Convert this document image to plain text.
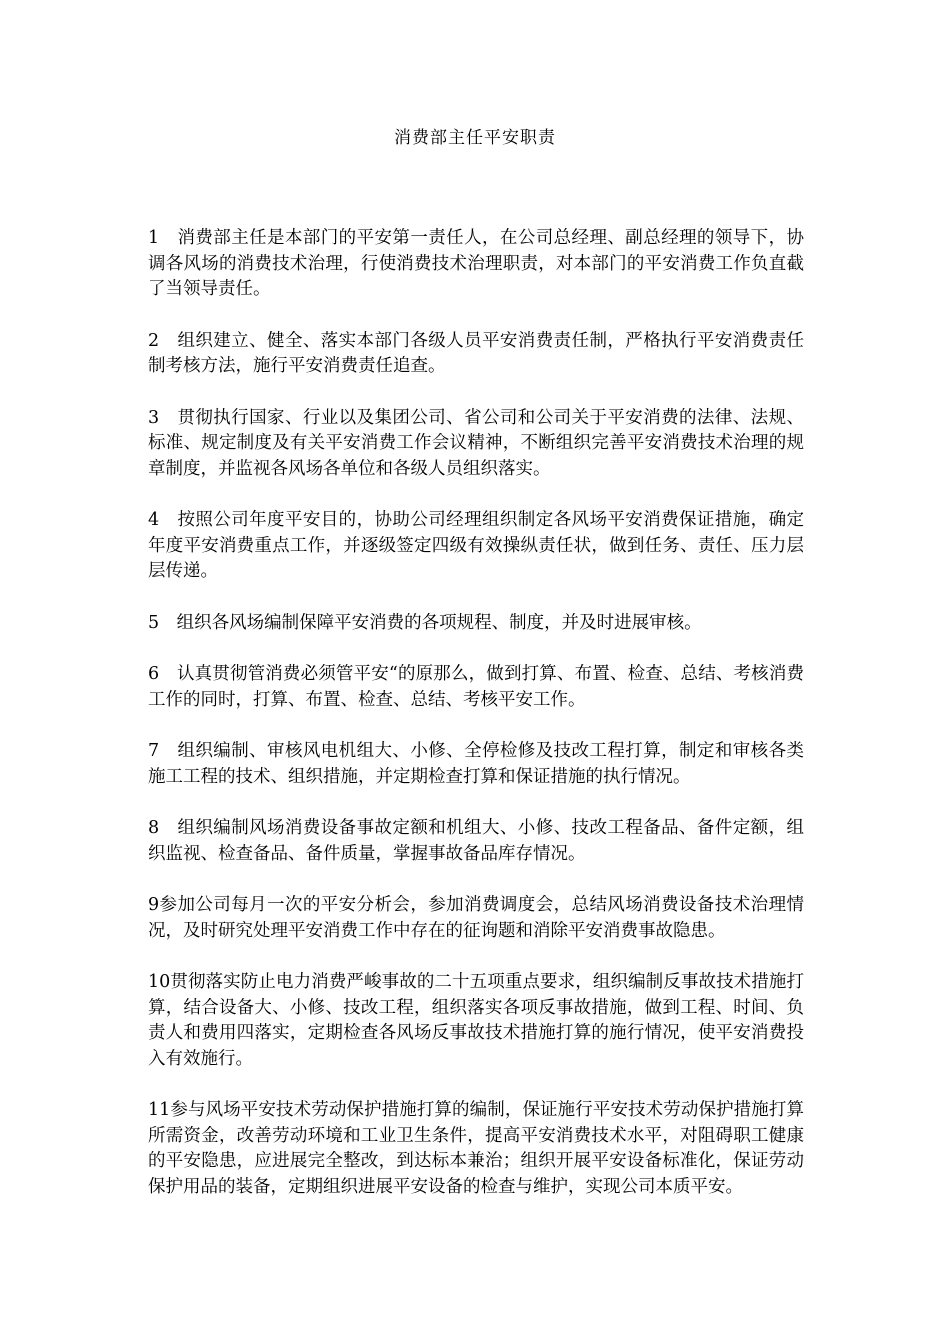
消费部主任平安职责

1　消费部主任是本部门的平安第一责任人，在公司总经理、副总经理的领导下，协调各风场的消费技术治理，行使消费技术治理职责，对本部门的平安消费工作负直截了当领导责任。

2　组织建立、健全、落实本部门各级人员平安消费责任制，严格执行平安消费责任制考核方法，施行平安消费责任追查。

3　贯彻执行国家、行业以及集团公司、省公司和公司关于平安消费的法律、法规、标准、规定制度及有关平安消费工作会议精神，不断组织完善平安消费技术治理的规章制度，并监视各风场各单位和各级人员组织落实。

4　按照公司年度平安目的，协助公司经理组织制定各风场平安消费保证措施，确定年度平安消费重点工作，并逐级签定四级有效操纵责任状，做到任务、责任、压力层层传递。

5　组织各风场编制保障平安消费的各项规程、制度，并及时进展审核。

6　认真贯彻管消费必须管平安“的原那么，做到打算、布置、检查、总结、考核消费工作的同时，打算、布置、检查、总结、考核平安工作。

7　组织编制、审核风电机组大、小修、全停检修及技改工程打算，制定和审核各类施工工程的技术、组织措施，并定期检查打算和保证措施的执行情况。

8　组织编制风场消费设备事故定额和机组大、小修、技改工程备品、备件定额，组织监视、检查备品、备件质量，掌握事故备品库存情况。

9参加公司每月一次的平安分析会，参加消费调度会，总结风场消费设备技术治理情况，及时研究处理平安消费工作中存在的征询题和消除平安消费事故隐患。

10贯彻落实防止电力消费严峻事故的二十五项重点要求，组织编制反事故技术措施打算，结合设备大、小修、技改工程，组织落实各项反事故措施，做到工程、时间、负责人和费用四落实，定期检查各风场反事故技术措施打算的施行情况，使平安消费投入有效施行。

11参与风场平安技术劳动保护措施打算的编制，保证施行平安技术劳动保护措施打算所需资金，改善劳动环境和工业卫生条件，提高平安消费技术水平，对阻碍职工健康的平安隐患，应进展完全整改，到达标本兼治；组织开展平安设备标准化，保证劳动保护用品的装备，定期组织进展平安设备的检查与维护，实现公司本质平安。
